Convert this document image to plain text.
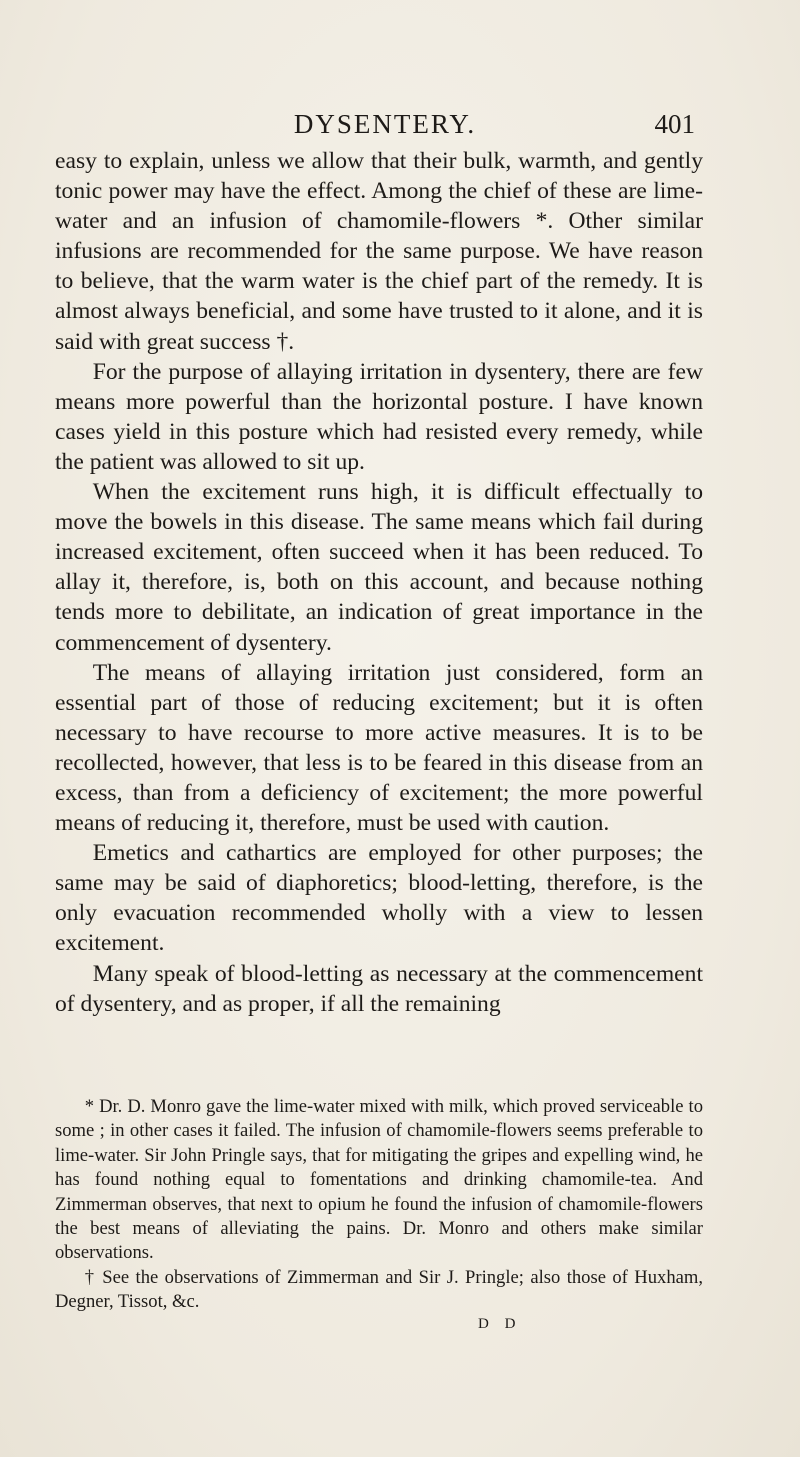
DYSENTERY.	401

easy to explain, unless we allow that their bulk, warmth, and gently tonic power may have the effect. Among the chief of these are lime-water and an infusion of chamomile-flowers *. Other similar infusions are recommended for the same purpose. We have reason to believe, that the warm water is the chief part of the remedy. It is almost always beneficial, and some have trusted to it alone, and it is said with great success †.

For the purpose of allaying irritation in dysentery, there are few means more powerful than the horizontal posture. I have known cases yield in this posture which had resisted every remedy, while the patient was allowed to sit up.

When the excitement runs high, it is difficult effectually to move the bowels in this disease. The same means which fail during increased excitement, often succeed when it has been reduced. To allay it, therefore, is, both on this account, and because nothing tends more to debilitate, an indication of great importance in the commencement of dysentery.

The means of allaying irritation just considered, form an essential part of those of reducing excitement; but it is often necessary to have recourse to more active measures. It is to be recollected, however, that less is to be feared in this disease from an excess, than from a deficiency of excitement; the more powerful means of reducing it, therefore, must be used with caution.

Emetics and cathartics are employed for other purposes; the same may be said of diaphoretics; blood-letting, therefore, is the only evacuation recommended wholly with a view to lessen excitement.

Many speak of blood-letting as necessary at the commencement of dysentery, and as proper, if all the remaining

* Dr. D. Monro gave the lime-water mixed with milk, which proved serviceable to some ; in other cases it failed. The infusion of chamomile-flowers seems preferable to lime-water. Sir John Pringle says, that for mitigating the gripes and expelling wind, he has found nothing equal to fomentations and drinking chamomile-tea. And Zimmerman observes, that next to opium he found the infusion of chamomile-flowers the best means of alleviating the pains. Dr. Monro and others make similar observations.

† See the observations of Zimmerman and Sir J. Pringle; also those of Huxham, Degner, Tissot, &c.

D D
